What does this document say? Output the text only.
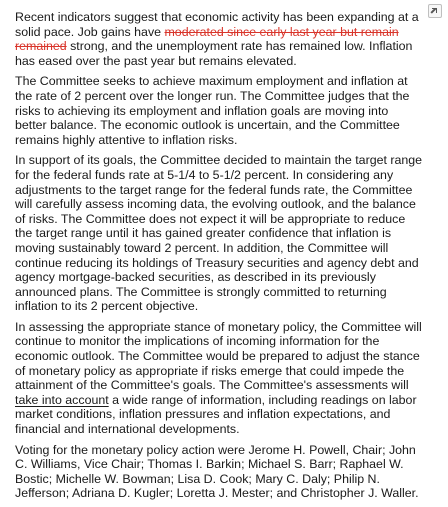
Recent indicators suggest that economic activity has been expanding at a solid pace. Job gains have moderated since early last year but remain remained strong, and the unemployment rate has remained low. Inflation has eased over the past year but remains elevated.

The Committee seeks to achieve maximum employment and inflation at the rate of 2 percent over the longer run. The Committee judges that the risks to achieving its employment and inflation goals are moving into better balance. The economic outlook is uncertain, and the Committee remains highly attentive to inflation risks.

In support of its goals, the Committee decided to maintain the target range for the federal funds rate at 5-1/4 to 5-1/2 percent. In considering any adjustments to the target range for the federal funds rate, the Committee will carefully assess incoming data, the evolving outlook, and the balance of risks. The Committee does not expect it will be appropriate to reduce the target range until it has gained greater confidence that inflation is moving sustainably toward 2 percent. In addition, the Committee will continue reducing its holdings of Treasury securities and agency debt and agency mortgage-backed securities, as described in its previously announced plans. The Committee is strongly committed to returning inflation to its 2 percent objective.

In assessing the appropriate stance of monetary policy, the Committee will continue to monitor the implications of incoming information for the economic outlook. The Committee would be prepared to adjust the stance of monetary policy as appropriate if risks emerge that could impede the attainment of the Committee's goals. The Committee's assessments will take into account a wide range of information, including readings on labor market conditions, inflation pressures and inflation expectations, and financial and international developments.

Voting for the monetary policy action were Jerome H. Powell, Chair; John C. Williams, Vice Chair; Thomas I. Barkin; Michael S. Barr; Raphael W. Bostic; Michelle W. Bowman; Lisa D. Cook; Mary C. Daly; Philip N. Jefferson; Adriana D. Kugler; Loretta J. Mester; and Christopher J. Waller.
